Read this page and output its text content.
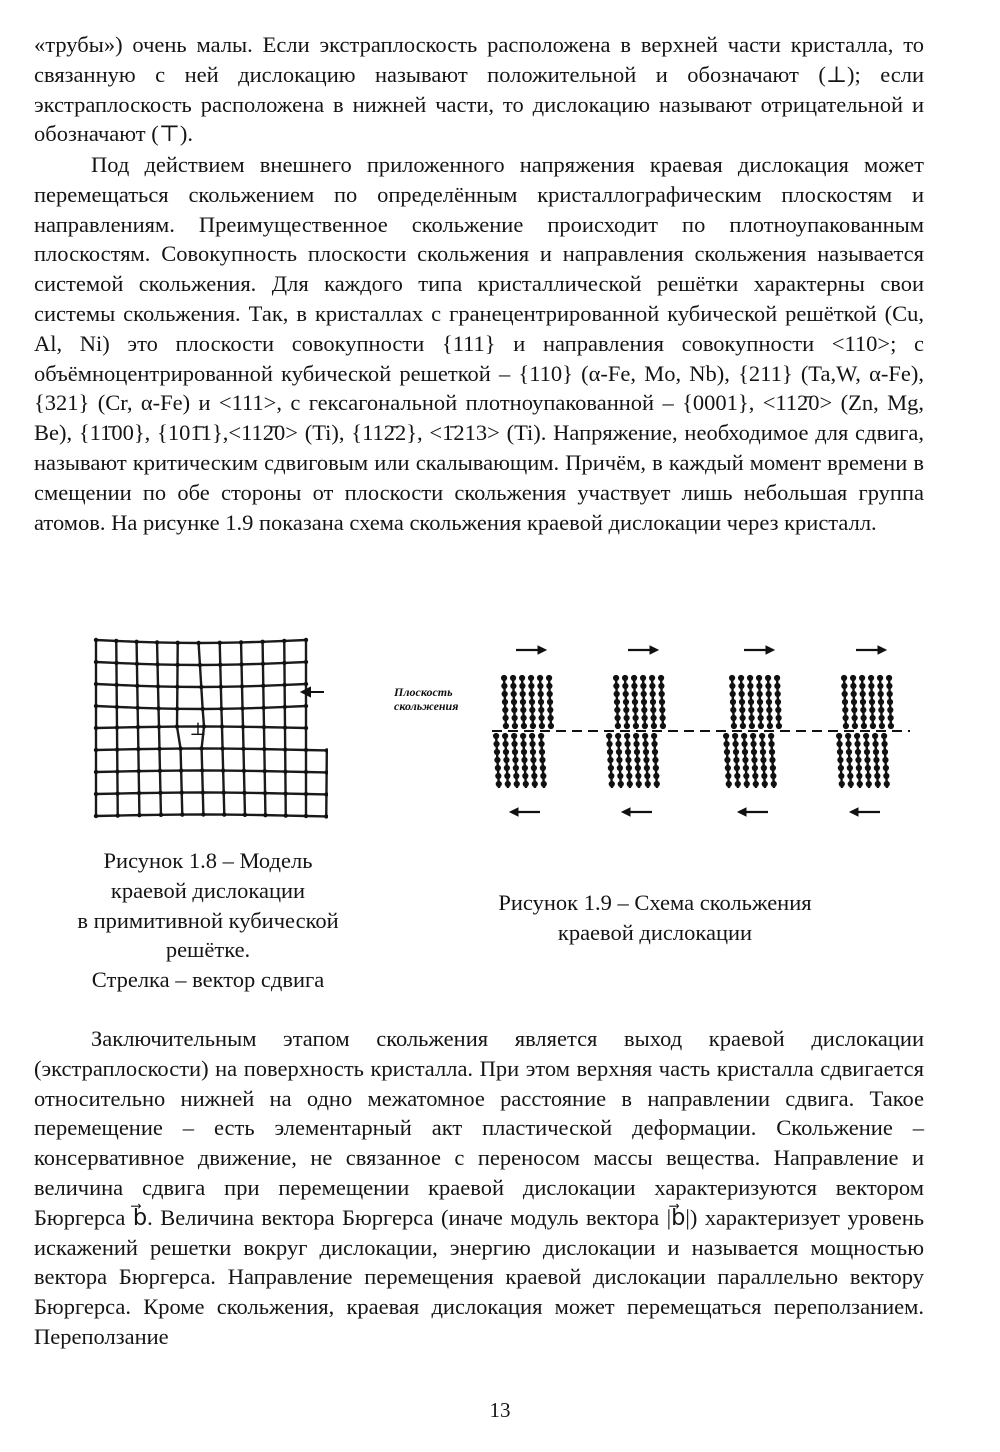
«трубы») очень малы. Если экстраплоскость расположена в верхней части кристалла, то связанную с ней дислокацию называют положительной и обозначают (⊥); если экстраплоскость расположена в нижней части, то дислокацию называют отрицательной и обозначают (⊤).

Под действием внешнего приложенного напряжения краевая дислокация может перемещаться скольжением по определённым кристаллографическим плоскостям и направлениям. Преимущественное скольжение происходит по плотноупакованным плоскостям. Совокупность плоскости скольжения и направления скольжения называется системой скольжения. Для каждого типа кристаллической решётки характерны свои системы скольжения. Так, в кристаллах с гранецентрированной кубической решёткой (Cu, Al, Ni) это плоскости совокупности {111} и направления совокупности <110>; с объёмноцентрированной кубической решеткой – {110} (α-Fe, Mo, Nb), {211} (Ta,W, α-Fe), {321} (Cr, α-Fe) и <111>, с гексагональной плотноупакованной – {0001}, <112̄0> (Zn, Mg, Be), {11̄00}, {101̄1},<112̄0> (Ti), {112̄2}, <1̄213> (Ti). Напряжение, необходимое для сдвига, называют критическим сдвиговым или скалывающим. Причём, в каждый момент времени в смещении по обе стороны от плоскости скольжения участвует лишь небольшая группа атомов. На рисунке 1.9 показана схема скольжения краевой дислокации через кристалл.

⊥
Рисунок 1.8 – Модель
краевой дислокации
в примитивной кубической
решётке.
Стрелка – вектор сдвига
Плоскость
скольжения
Рисунок 1.9 – Схема скольжения
краевой дислокации

Заключительным этапом скольжения является выход краевой дислокации (экстраплоскости) на поверхность кристалла. При этом верхняя часть кристалла сдвигается относительно нижней на одно межатомное расстояние в направлении сдвига. Такое перемещение – есть элементарный акт пластической деформации. Скольжение – консервативное движение, не связанное с переносом массы вещества. Направление и величина сдвига при перемещении краевой дислокации характеризуются вектором Бюргерса b⃗. Величина вектора Бюргерса (иначе модуль вектора |b⃗|) характеризует уровень искажений решетки вокруг дислокации, энергию дислокации и называется мощностью вектора Бюргерса. Направление перемещения краевой дислокации параллельно вектору Бюргерса. Кроме скольжения, краевая дислокация может перемещаться переползанием. Переползание

13
